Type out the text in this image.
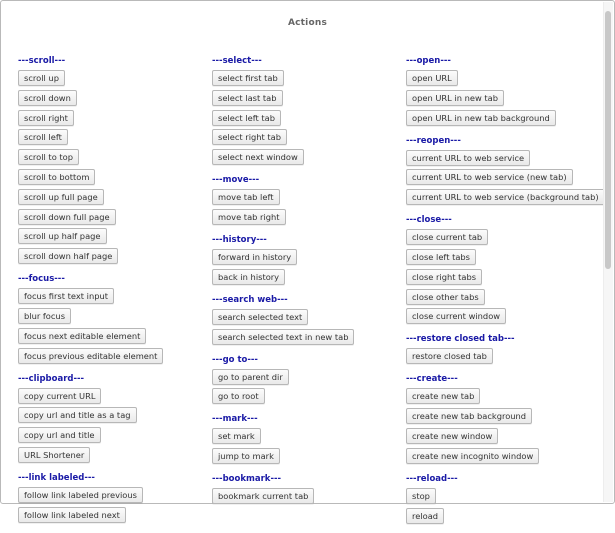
Actions
---scroll---
scroll up
scroll down
scroll right
scroll left
scroll to top
scroll to bottom
scroll up full page
scroll down full page
scroll up half page
scroll down half page
---focus---
focus first text input
blur focus
focus next editable element
focus previous editable element
---clipboard---
copy current URL
copy url and title as a tag
copy url and title
URL Shortener
---link labeled---
follow link labeled previous
follow link labeled next
---select---
select first tab
select last tab
select left tab
select right tab
select next window
---move---
move tab left
move tab right
---history---
forward in history
back in history
---search web---
search selected text
search selected text in new tab
---go to---
go to parent dir
go to root
---mark---
set mark
jump to mark
---bookmark---
bookmark current tab
---open---
open URL
open URL in new tab
open URL in new tab background
---reopen---
current URL to web service
current URL to web service (new tab)
current URL to web service (background tab)
---close---
close current tab
close left tabs
close right tabs
close other tabs
close current window
---restore closed tab---
restore closed tab
---create---
create new tab
create new tab background
create new window
create new incognito window
---reload---
stop
reload
